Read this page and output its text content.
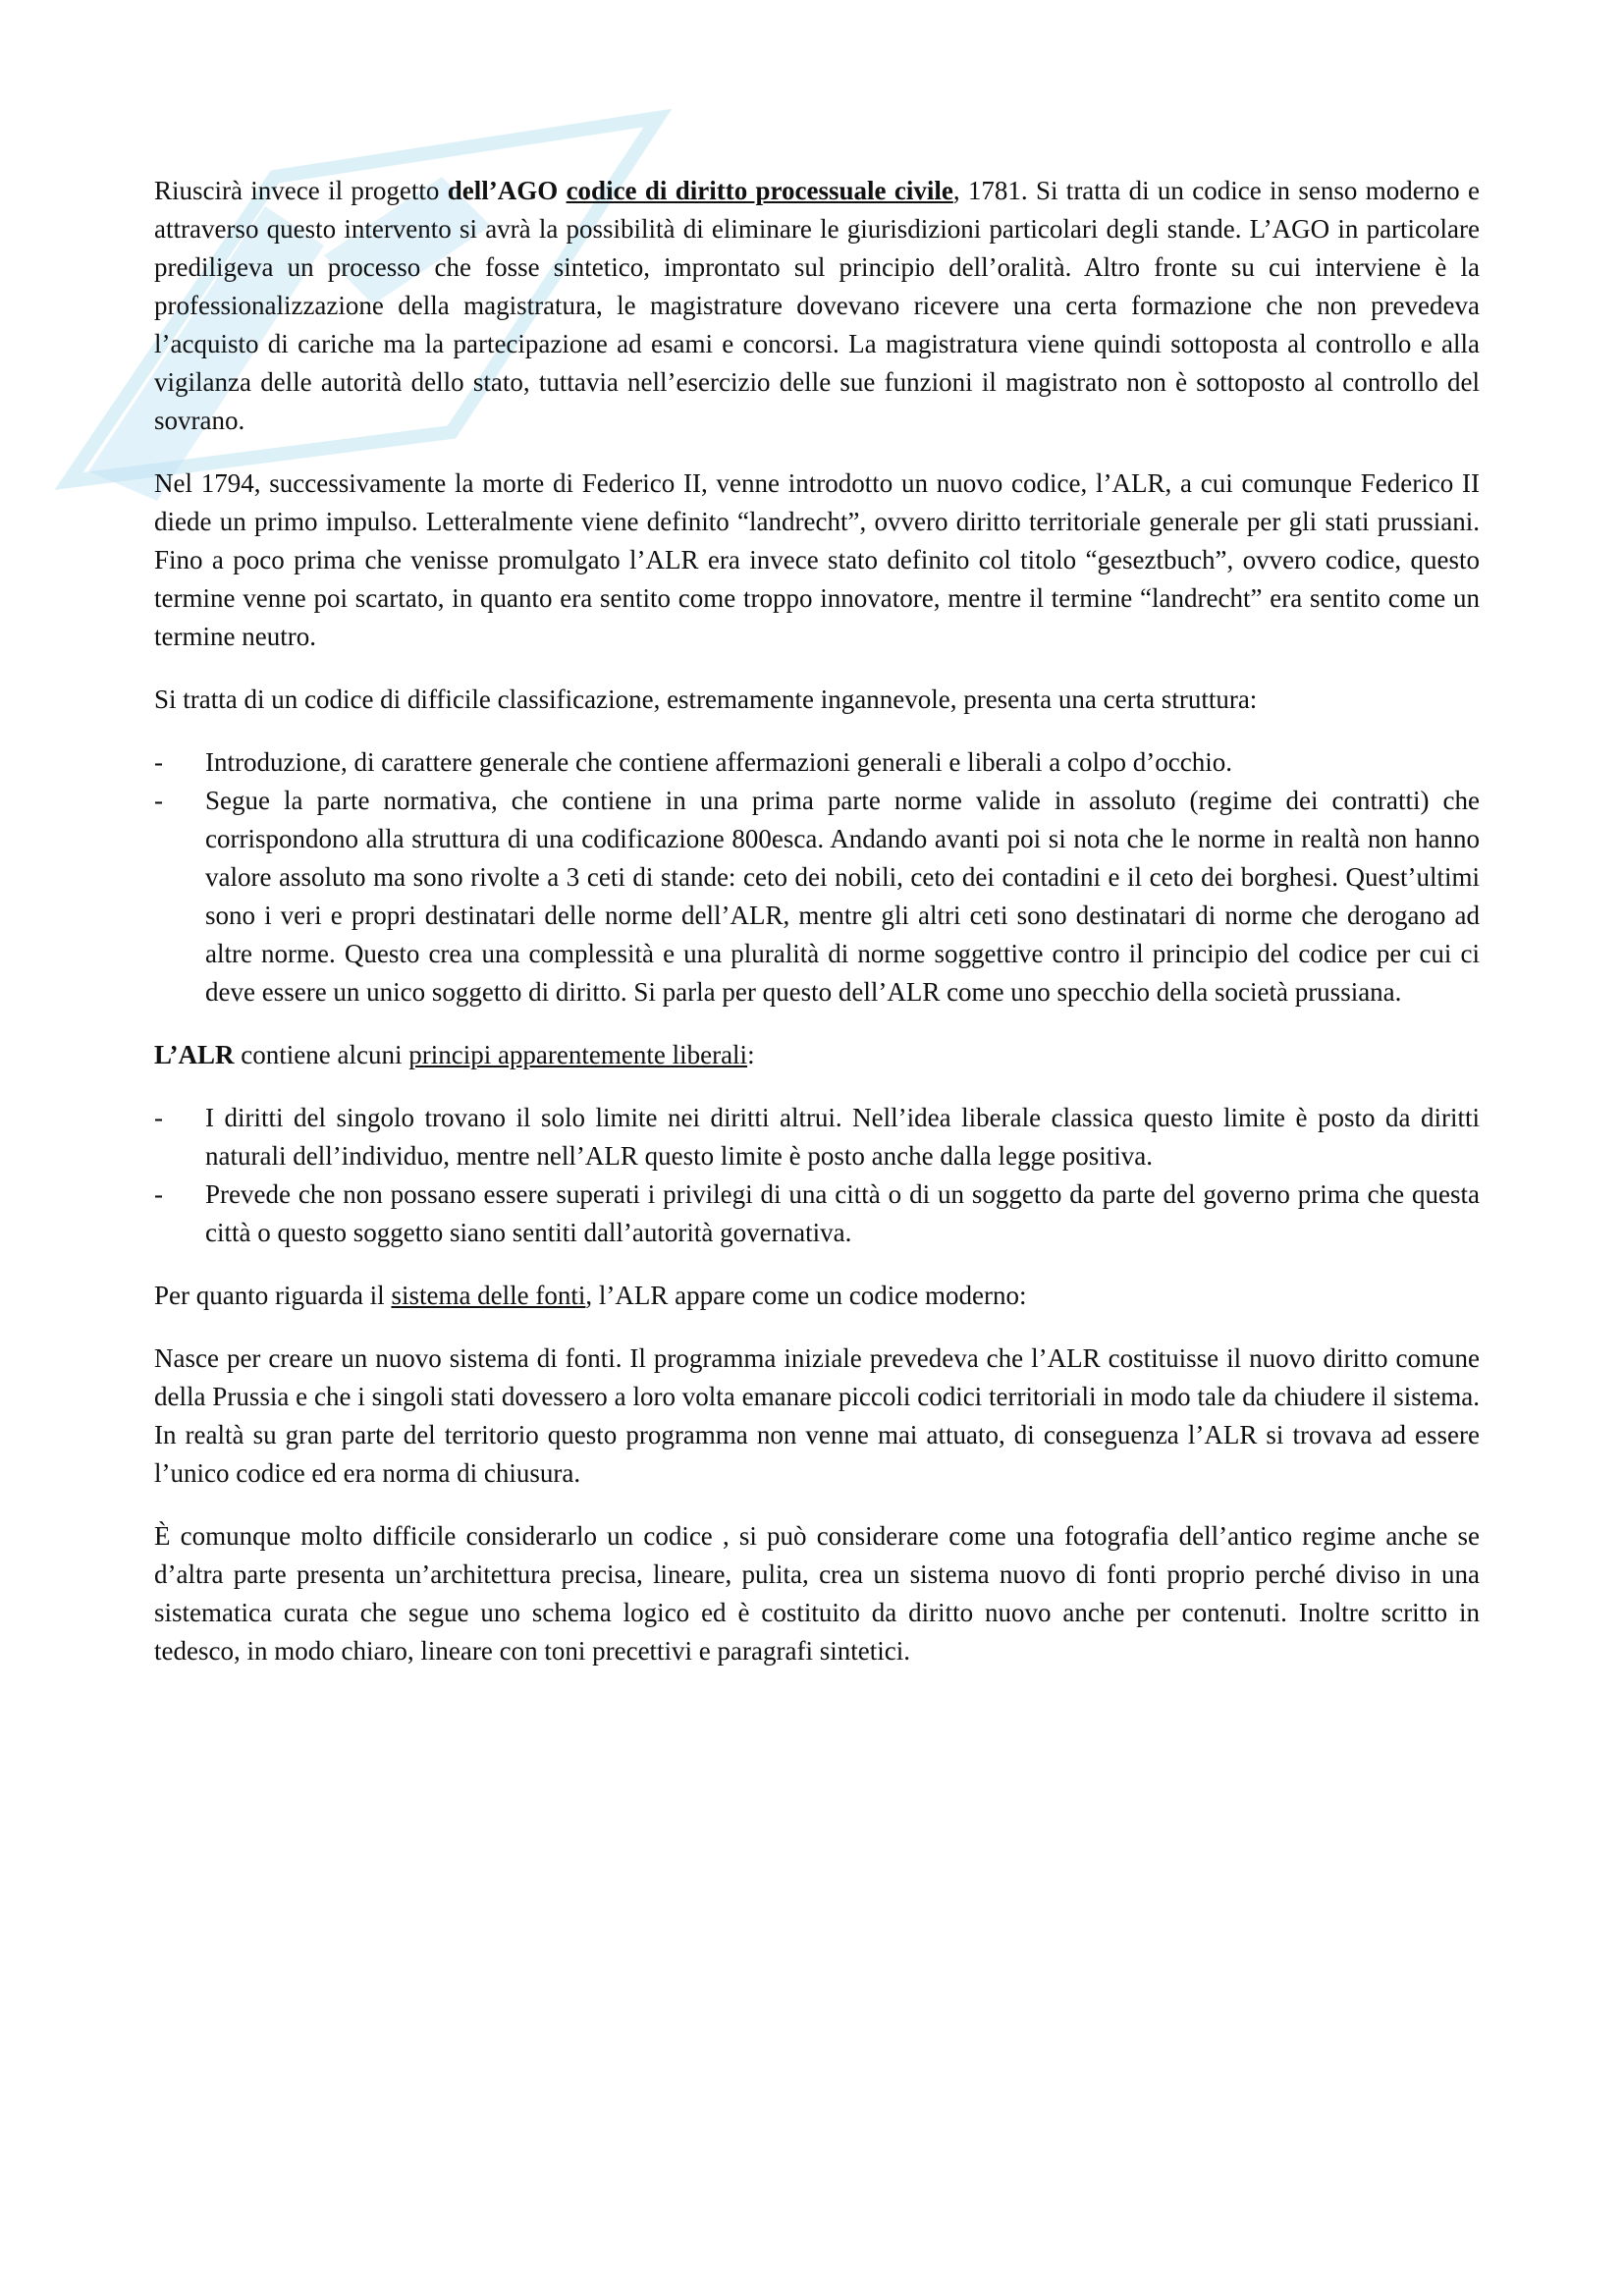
Riuscirà invece il progetto dell’AGO codice di diritto processuale civile, 1781. Si tratta di un codice in senso moderno e attraverso questo intervento si avrà la possibilità di eliminare le giurisdizioni particolari degli stande. L’AGO in particolare prediligeva un processo che fosse sintetico, improntato sul principio dell’oralità. Altro fronte su cui interviene è la professionalizzazione della magistratura, le magistrature dovevano ricevere una certa formazione che non prevedeva l’acquisto di cariche ma la partecipazione ad esami e concorsi. La magistratura viene quindi sottoposta al controllo e alla vigilanza delle autorità dello stato, tuttavia nell’esercizio delle sue funzioni il magistrato non è sottoposto al controllo del sovrano.

Nel 1794, successivamente la morte di Federico II, venne introdotto un nuovo codice, l’ALR, a cui comunque Federico II diede un primo impulso. Letteralmente viene definito “landrecht”, ovvero diritto territoriale generale per gli stati prussiani. Fino a poco prima che venisse promulgato l’ALR era invece stato definito col titolo “geseztbuch”, ovvero codice, questo termine venne poi scartato, in quanto era sentito come troppo innovatore, mentre il termine “landrecht” era sentito come un termine neutro.

Si tratta di un codice di difficile classificazione, estremamente ingannevole, presenta una certa struttura:

- Introduzione, di carattere generale che contiene affermazioni generali e liberali a colpo d’occhio.
- Segue la parte normativa, che contiene in una prima parte norme valide in assoluto (regime dei contratti) che corrispondono alla struttura di una codificazione 800esca. Andando avanti poi si nota che le norme in realtà non hanno valore assoluto ma sono rivolte a 3 ceti di stande: ceto dei nobili, ceto dei contadini e il ceto dei borghesi. Quest’ultimi sono i veri e propri destinatari delle norme dell’ALR, mentre gli altri ceti sono destinatari di norme che derogano ad altre norme. Questo crea una complessità e una pluralità di norme soggettive contro il principio del codice per cui ci deve essere un unico soggetto di diritto. Si parla per questo dell’ALR come uno specchio della società prussiana.

L’ALR contiene alcuni principi apparentemente liberali:

- I diritti del singolo trovano il solo limite nei diritti altrui. Nell’idea liberale classica questo limite è posto da diritti naturali dell’individuo, mentre nell’ALR questo limite è posto anche dalla legge positiva.
- Prevede che non possano essere superati i privilegi di una città o di un soggetto da parte del governo prima che questa città o questo soggetto siano sentiti dall’autorità governativa.

Per quanto riguarda il sistema delle fonti, l’ALR appare come un codice moderno:

Nasce per creare un nuovo sistema di fonti. Il programma iniziale prevedeva che l’ALR costituisse il nuovo diritto comune della Prussia e che i singoli stati dovessero a loro volta emanare piccoli codici territoriali in modo tale da chiudere il sistema. In realtà su gran parte del territorio questo programma non venne mai attuato, di conseguenza l’ALR si trovava ad essere l’unico codice ed era norma di chiusura.

È comunque molto difficile considerarlo un codice , si può considerare come una fotografia dell’antico regime anche se d’altra parte presenta un’architettura precisa, lineare, pulita, crea un sistema nuovo di fonti proprio perché diviso in una sistematica curata che segue uno schema logico ed è costituito da diritto nuovo anche per contenuti. Inoltre scritto in tedesco, in modo chiaro, lineare con toni precettivi e paragrafi sintetici.
